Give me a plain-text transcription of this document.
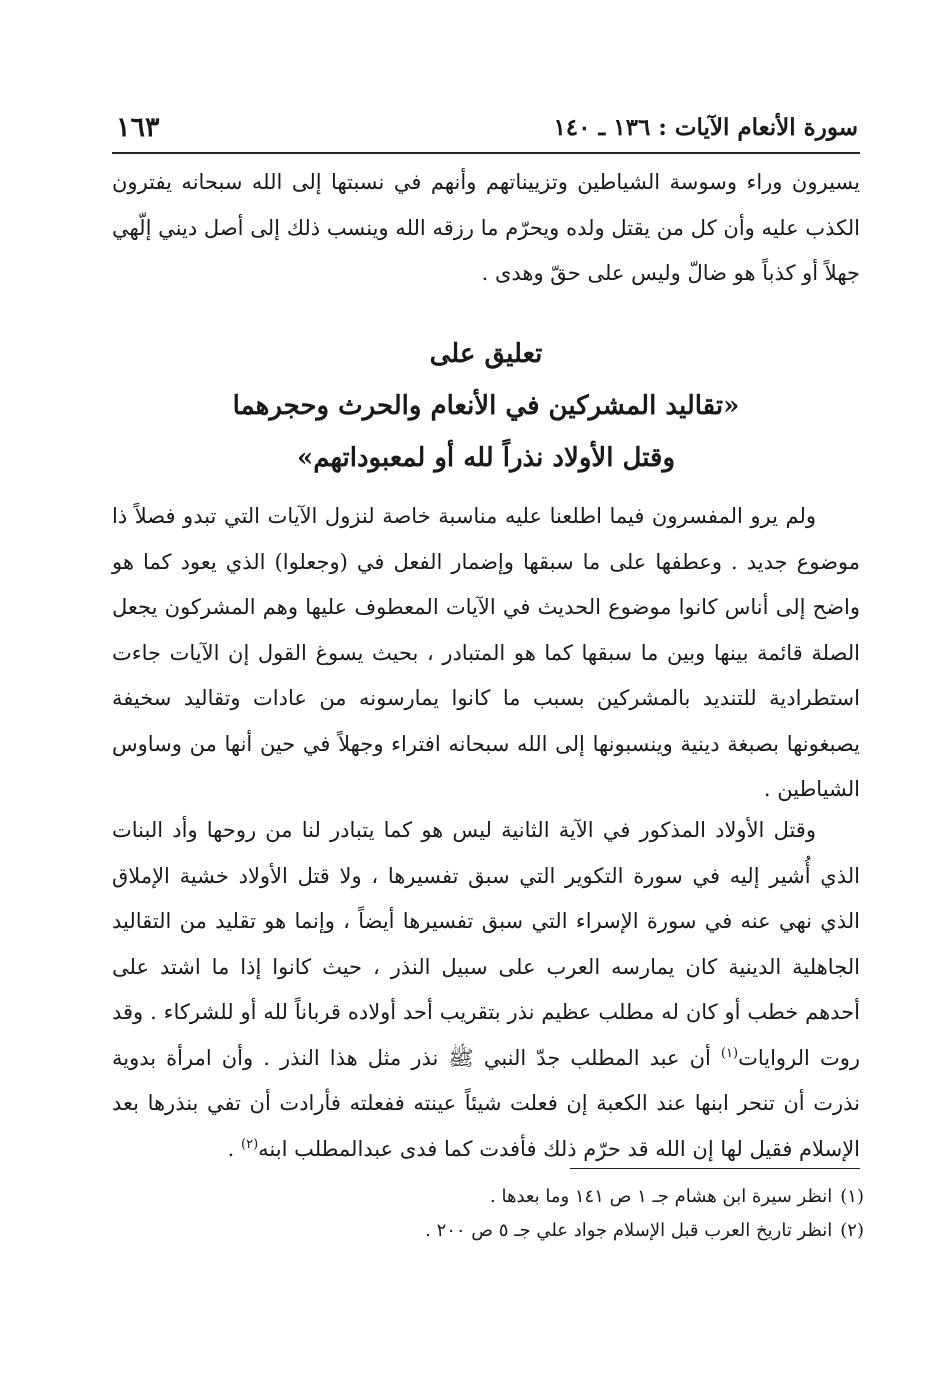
سورة الأنعام الآيات : ١٣٦ ـ ١٤٠
١٦٣

يسيرون وراء وسوسة الشياطين وتزييناتهم وأنهم في نسبتها إلى الله سبحانه يفترون الكذب عليه وأن كل من يقتل ولده ويحرّم ما رزقه الله وينسب ذلك إلى أصل ديني إلّهي جهلاً أو كذباً هو ضالّ وليس على حقّ وهدى .

تعليق على
«تقاليد المشركين في الأنعام والحرث وحجرهما
وقتل الأولاد نذراً لله أو لمعبوداتهم»

ولم يرو المفسرون فيما اطلعنا عليه مناسبة خاصة لنزول الآيات التي تبدو فصلاً ذا موضوع جديد . وعطفها على ما سبقها وإضمار الفعل في (وجعلوا) الذي يعود كما هو واضح إلى أناس كانوا موضوع الحديث في الآيات المعطوف عليها وهم المشركون يجعل الصلة قائمة بينها وبين ما سبقها كما هو المتبادر ، بحيث يسوغ القول إن الآيات جاءت استطرادية للتنديد بالمشركين بسبب ما كانوا يمارسونه من عادات وتقاليد سخيفة يصبغونها بصبغة دينية وينسبونها إلى الله سبحانه افتراء وجهلاً في حين أنها من وساوس الشياطين .

وقتل الأولاد المذكور في الآية الثانية ليس هو كما يتبادر لنا من روحها وأد البنات الذي أُشير إليه في سورة التكوير التي سبق تفسيرها ، ولا قتل الأولاد خشية الإملاق الذي نهي عنه في سورة الإسراء التي سبق تفسيرها أيضاً ، وإنما هو تقليد من التقاليد الجاهلية الدينية كان يمارسه العرب على سبيل النذر ، حيث كانوا إذا ما اشتد على أحدهم خطب أو كان له مطلب عظيم نذر بتقريب أحد أولاده قرباناً لله أو للشركاء . وقد روت الروايات$^{(١)}$ أن عبد المطلب جدّ النبي ﷺ نذر مثل هذا النذر . وأن امرأة بدوية نذرت أن تنحر ابنها عند الكعبة إن فعلت شيئاً عينته ففعلته فأرادت أن تفي بنذرها بعد الإسلام فقيل لها إن الله قد حرّم ذلك فأفدت كما فدى عبدالمطلب ابنه$^{(٢)}$ .

(١)انظر سيرة ابن هشام جـ ١ ص ١٤١ وما بعدها .

(٢)انظر تاريخ العرب قبل الإسلام جواد علي جـ ٥ ص ٢٠٠ .
